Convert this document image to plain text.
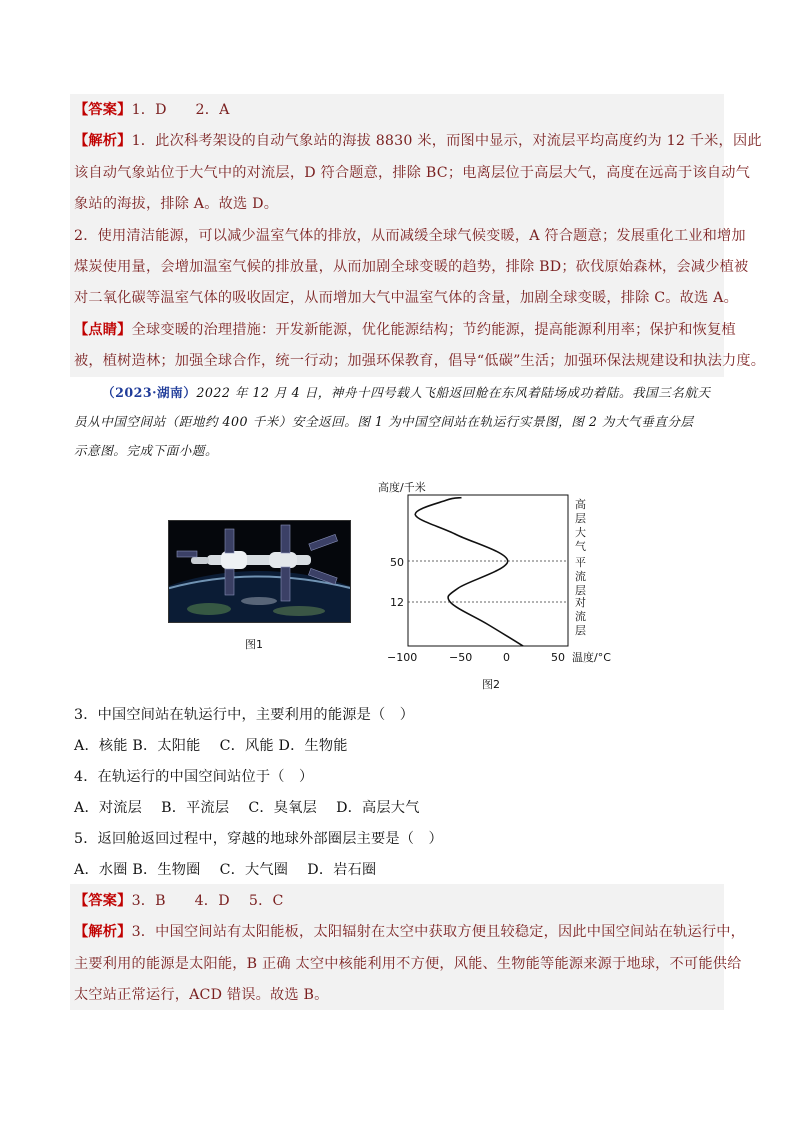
【答案】1．D　　2．A
【解析】1．此次科考架设的自动气象站的海拔 8830 米，而图中显示，对流层平均高度约为 12 千米，因此
该自动气象站位于大气中的对流层，D 符合题意，排除 BC；电离层位于高层大气，高度在远高于该自动气
象站的海拔，排除 A。故选 D。
2．使用清洁能源，可以减少温室气体的排放，从而减缓全球气候变暖，A 符合题意；发展重化工业和增加
煤炭使用量，会增加温室气候的排放量，从而加剧全球变暖的趋势，排除 BD；砍伐原始森林，会减少植被
对二氧化碳等温室气体的吸收固定，从而增加大气中温室气体的含量，加剧全球变暖，排除 C。故选 A。
【点睛】全球变暖的治理措施：开发新能源，优化能源结构；节约能源，提高能源利用率；保护和恢复植
被，植树造林；加强全球合作，统一行动；加强环保教育，倡导“低碳”生活；加强环保法规建设和执法力度。
（2023·湖南）2022 年 12 月 4 日，神舟十四号载人飞船返回舱在东风着陆场成功着陆。我国三名航天
员从中国空间站（距地约 400 千米）安全返回。图 1 为中国空间站在轨运行实景图，图 2 为大气垂直分层
示意图。完成下面小题。
图1
高度/千米
50
12
−100	−50	0	50 温度/°C
高层大气
平流层
对流层
图2
3．中国空间站在轨运行中，主要利用的能源是（　）
A．核能 B．太阳能　 C．风能 D．生物能
4．在轨运行的中国空间站位于（　）
A．对流层　 B．平流层　 C．臭氧层　 D．高层大气
5．返回舱返回过程中，穿越的地球外部圈层主要是（　）
A．水圈 B．生物圈　 C．大气圈　 D．岩石圈
【答案】3．B　　4．D　 5．C
【解析】3．中国空间站有太阳能板，太阳辐射在太空中获取方便且较稳定，因此中国空间站在轨运行中，
主要利用的能源是太阳能，B 正确 太空中核能利用不方便，风能、生物能等能源来源于地球，不可能供给
太空站正常运行，ACD 错误。故选 B。
